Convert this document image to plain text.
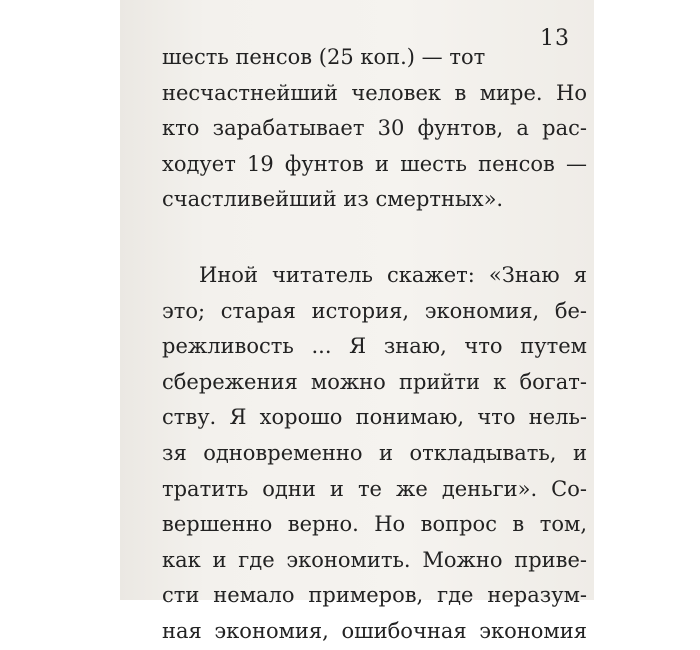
13
шесть пенсов (25 коп.) — тот
несчастнейший человек в мире. Но
кто зарабатывает 30 фунтов, а рас-
ходует 19 фунтов и шесть пенсов —
счастливейший из смертных».
Иной читатель скажет: «Знаю я
это; старая история, экономия, бе-
режливость ... Я знаю, что путем
сбережения можно прийти к богат-
ству. Я хорошо понимаю, что нель-
зя одновременно и откладывать, и
тратить одни и те же деньги». Со-
вершенно верно. Но вопрос в том,
как и где экономить. Можно приве-
сти немало примеров, где неразум-
ная экономия, ошибочная экономия
